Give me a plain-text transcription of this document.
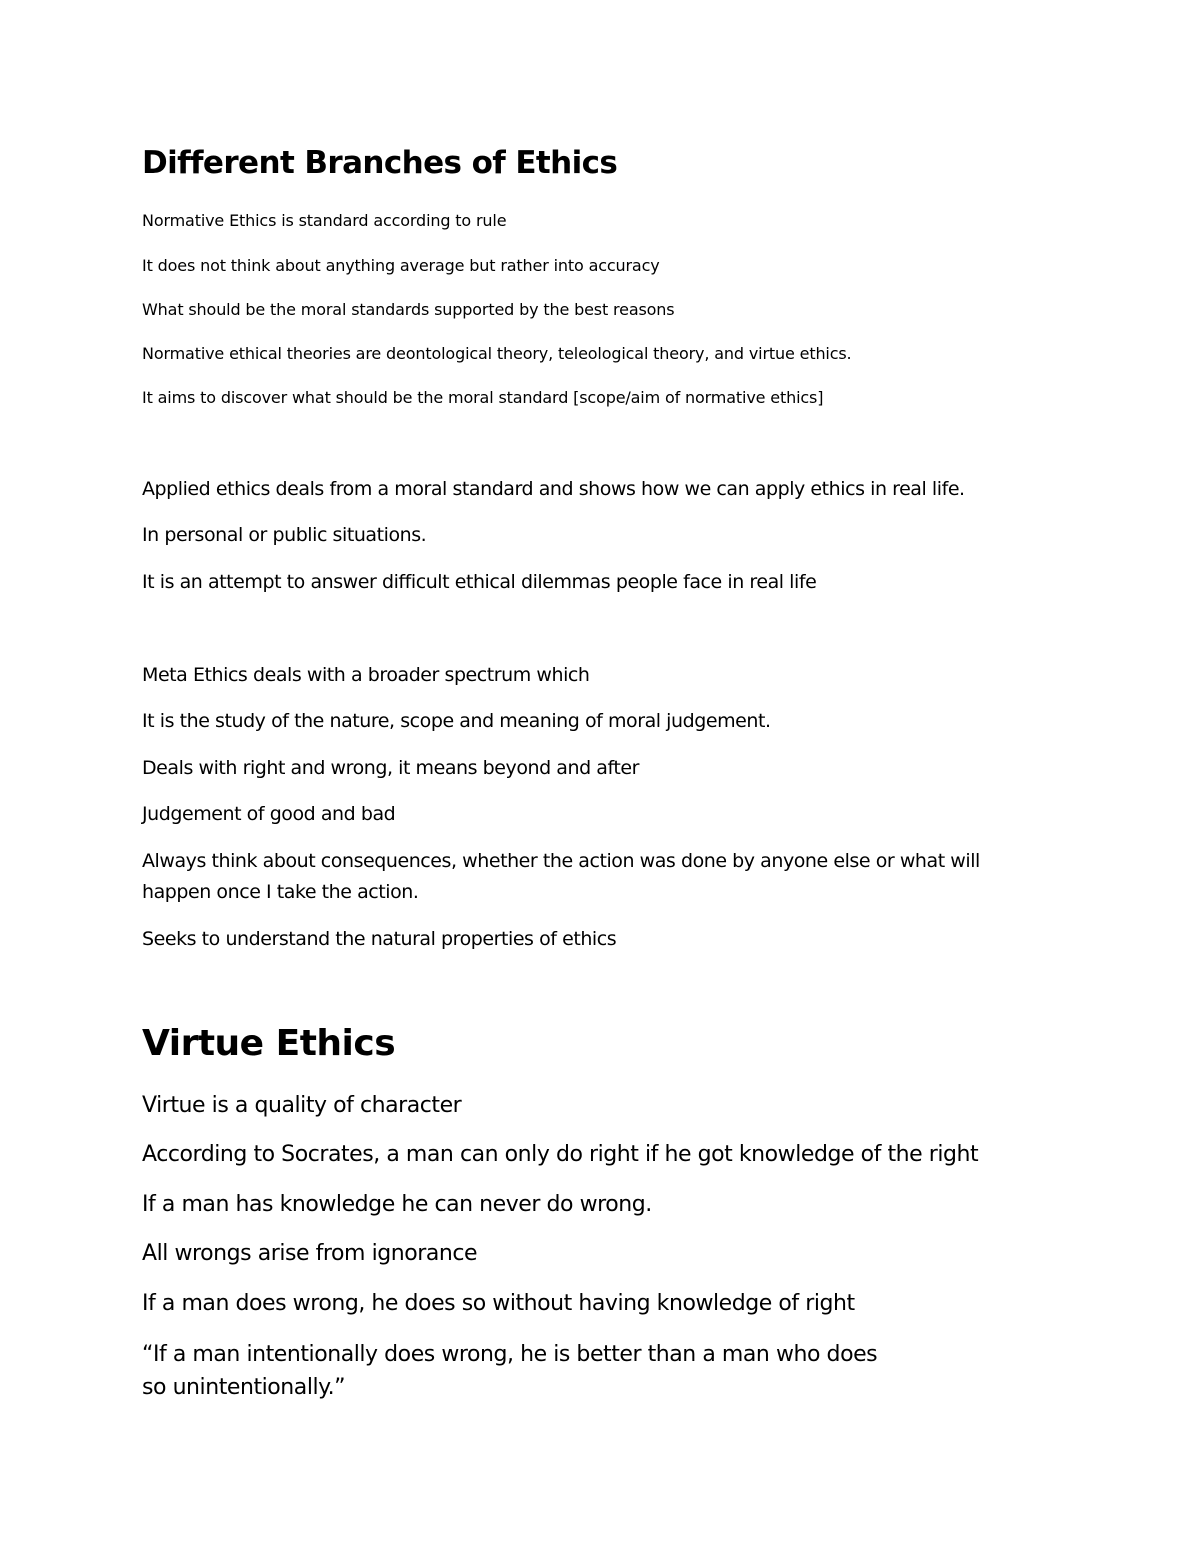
Different Branches of Ethics

Normative Ethics is standard according to rule

It does not think about anything average but rather into accuracy

What should be the moral standards supported by the best reasons

Normative ethical theories are deontological theory, teleological theory, and virtue ethics.

It aims to discover what should be the moral standard [scope/aim of normative ethics]

Applied ethics deals from a moral standard and shows how we can apply ethics in real life.

In personal or public situations.

It is an attempt to answer difficult ethical dilemmas people face in real life

Meta Ethics deals with a broader spectrum which

It is the study of the nature, scope and meaning of moral judgement.

Deals with right and wrong, it means beyond and after

Judgement of good and bad

Always think about consequences, whether the action was done by anyone else or what will happen once I take the action.

Seeks to understand the natural properties of ethics

Virtue Ethics

Virtue is a quality of character

According to Socrates, a man can only do right if he got knowledge of the right

If a man has knowledge he can never do wrong.

All wrongs arise from ignorance

If a man does wrong, he does so without having knowledge of right

“If a man intentionally does wrong, he is better than a man who does so unintentionally.”
